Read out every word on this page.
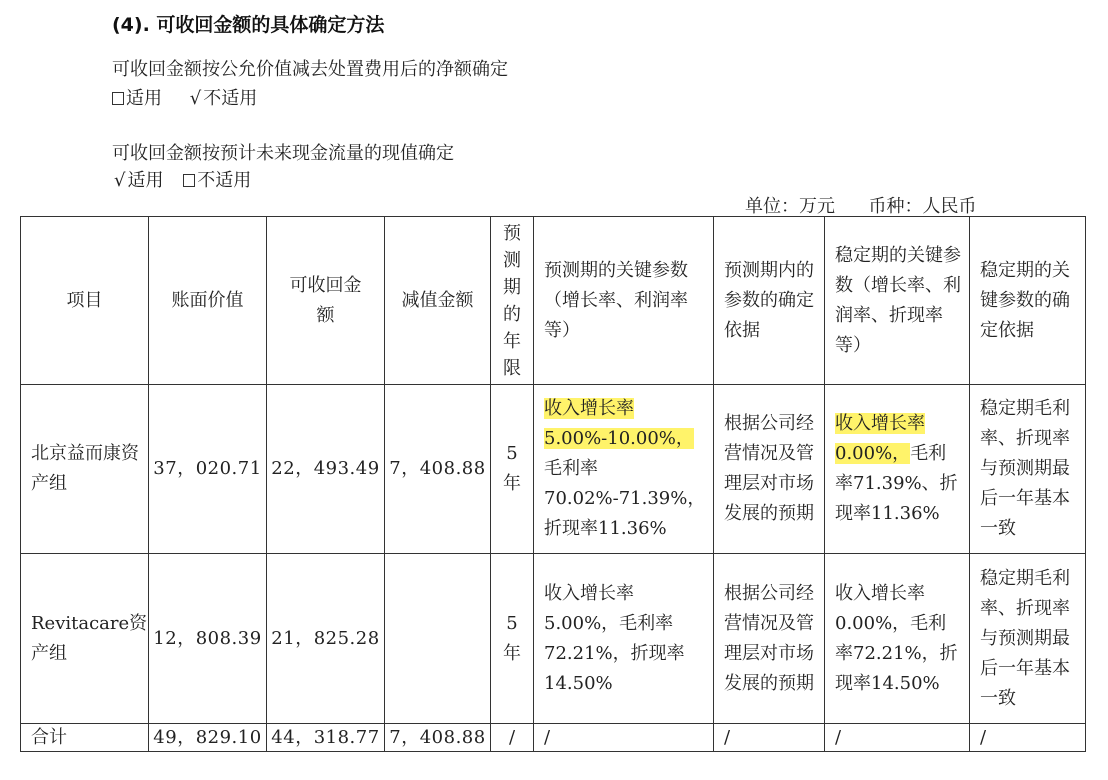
(4). 可收回金额的具体确定方法
可收回金额按公允价值减去处置费用后的净额确定
适用 √ 不适用
可收回金额按预计未来现金流量的现值确定
√ 适用 不适用
单位：万元 币种：人民币
项目	账面价值	可收回金额	减值金额	预测期的年限	预测期的关键参数（增长率、利润率等）	预测期内的参数的确定依据	稳定期的关键参数（增长率、利润率、折现率等）	稳定期的关键参数的确定依据
北京益而康资产组	37，020.71	22，493.49	7，408.88	5年	收入增长率5.00%-10.00%，毛利率70.02%-71.39%，折现率11.36%	根据公司经营情况及管理层对市场发展的预期	收入增长率0.00%，毛利率71.39%、折现率11.36%	稳定期毛利率、折现率与预测期最后一年基本一致
Revitacare资产组	12，808.39	21，825.28		5年	收入增长率5.00%，毛利率72.21%，折现率14.50%	根据公司经营情况及管理层对市场发展的预期	收入增长率0.00%，毛利率72.21%，折现率14.50%	稳定期毛利率、折现率与预测期最后一年基本一致
合计	49，829.10	44，318.77	7，408.88	/	/	/	/	/
